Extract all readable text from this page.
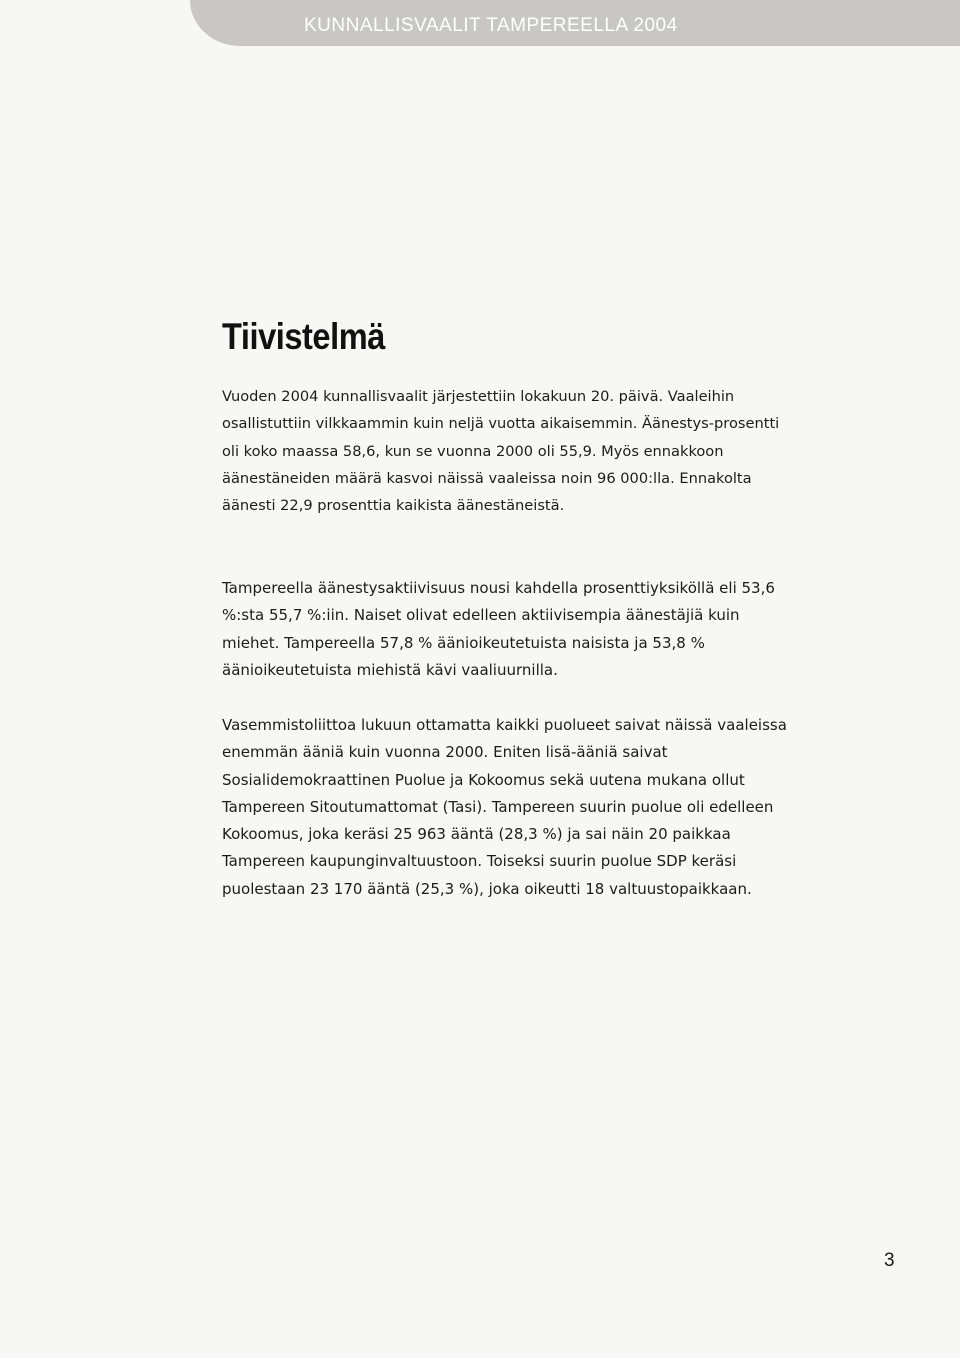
KUNNALLISVAALIT TAMPEREELLA 2004
Tiivistelmä

Vuoden 2004 kunnallisvaalit järjestettiin lokakuun 20. päivä. Vaaleihin osallistuttiin vilkkaammin kuin neljä vuotta aikaisemmin. Äänestys-prosentti oli koko maassa 58,6, kun se vuonna 2000 oli 55,9. Myös ennakkoon äänestäneiden määrä kasvoi näissä vaaleissa noin 96 000:lla. Ennakolta äänesti 22,9 prosenttia kaikista äänestäneistä.

Tampereella äänestysaktiivisuus nousi kahdella prosenttiyksiköllä eli 53,6 %:sta 55,7 %:iin. Naiset olivat edelleen aktiivisempia äänestäjiä kuin miehet. Tampereella 57,8 % äänioikeutetuista naisista ja 53,8 % äänioikeutetuista miehistä kävi vaaliuurnilla.

Vasemmistoliittoa lukuun ottamatta kaikki puolueet saivat näissä vaaleissa enemmän ääniä kuin vuonna 2000. Eniten lisä-ääniä saivat Sosialidemokraattinen Puolue ja Kokoomus sekä uutena mukana ollut Tampereen Sitoutumattomat (Tasi). Tampereen suurin puolue oli edelleen Kokoomus, joka keräsi 25 963 ääntä (28,3 %) ja sai näin 20 paikkaa Tampereen kaupunginvaltuustoon. Toiseksi suurin puolue SDP keräsi puolestaan 23 170 ääntä (25,3 %), joka oikeutti 18 valtuustopaikkaan.

3
